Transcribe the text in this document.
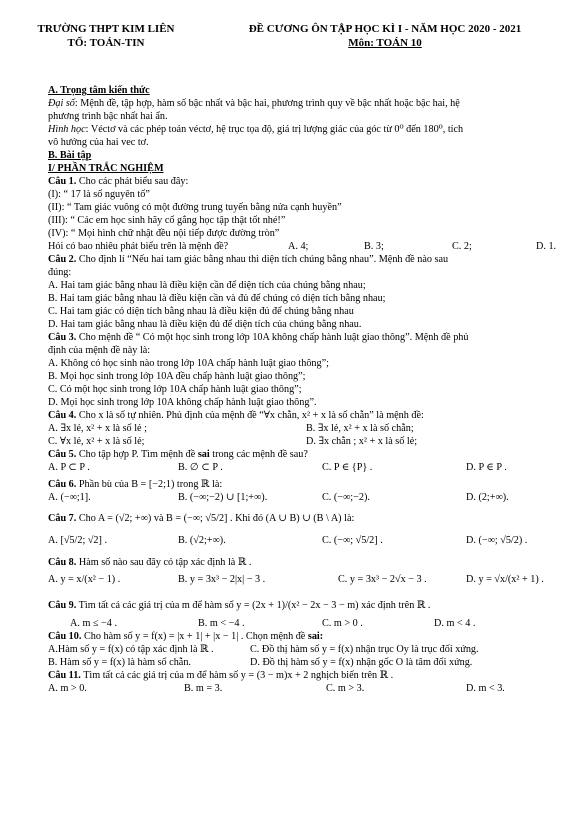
TRƯỜNG THPT KIM LIÊN
TỔ: TOÁN-TIN
ĐỀ CƯƠNG ÔN TẬP HỌC KÌ I - NĂM HỌC 2020 - 2021
Môn: TOÁN 10
A. Trọng tâm kiến thức
Đại số: Mệnh đề, tập hợp, hàm số bậc nhất và bậc hai, phương trình quy về bậc nhất hoặc bậc hai, hệ
phương trình bậc nhất hai ẩn.
Hình học: Véctơ và các phép toán véctơ, hệ trục tọa độ, giá trị lượng giác của góc từ 0⁰ đến 180⁰, tích
vô hướng của hai vec tơ.
B. Bài tập
I/ PHẦN TRẮC NGHIỆM
Câu 1. Cho các phát biểu sau đây:
(I): “ 17 là số nguyên tố”
(II): “ Tam giác vuông có một đường trung tuyến bằng nửa cạnh huyền”
(III): “ Các em học sinh hãy cố gắng học tập thật tốt nhé!”
(IV): “ Mọi hình chữ nhật đều nội tiếp được đường tròn”
Hỏi có bao nhiêu phát biểu trên là mệnh đề?	A. 4;	B. 3;	C. 2;	D. 1.
Câu 2. Cho định lí “Nếu hai tam giác bằng nhau thì diện tích chúng bằng nhau”. Mệnh đề nào sau
đúng:
A. Hai tam giác bằng nhau là điều kiện cần để diện tích của chúng bằng nhau;
B. Hai tam giác bằng nhau là điều kiện cần và đủ để chúng có diện tích bằng nhau;
C. Hai tam giác có diện tích bằng nhau là điều kiện đủ để chúng bằng nhau
D. Hai tam giác bằng nhau là điều kiện đủ để diện tích của chúng bằng nhau.
Câu 3. Cho mệnh đề “ Có một học sinh trong lớp 10A không chấp hành luật giao thông”. Mệnh đề phủ
định của mệnh đề này là:
A. Không có học sinh nào trong lớp 10A chấp hành luật giao thông”;
B. Mọi học sinh trong lớp 10A đều chấp hành luật giao thông”;
C. Có một học sinh trong lớp 10A chấp hành luật giao thông”;
D. Mọi học sinh trong lớp 10A không chấp hành luật giao thông”.
Câu 4. Cho x là số tự nhiên. Phủ định của mệnh đề “∀x chẵn, x² + x là số chẵn” là mệnh đề:
A. ∃x lẻ, x² + x là số lẻ ;	B. ∃x lẻ, x² + x là số chẵn;
C. ∀x lẻ, x² + x là số lẻ;	D. ∃x chẵn ; x² + x là số lẻ;
Câu 5. Cho tập hợp P. Tìm mệnh đề sai trong các mệnh đề sau?
A. P ⊂ P .	B. ∅ ⊂ P .	C. P ∈ {P} .	D. P ∈ P .
Câu 6. Phần bù của B = [−2;1) trong ℝ là:
A. (−∞;1].	B. (−∞;−2) ∪ [1;+∞).	C. (−∞;−2).	D. (2;+∞).
Câu 7. Cho A = (√2; +∞) và B = (−∞; √5/2] . Khi đó (A ∪ B) ∪ (B \ A) là:
A. [√5/2; √2] .	B. (√2;+∞).	C. (−∞; √5/2] .	D. (−∞; √5/2) .
Câu 8. Hàm số nào sau đây có tập xác định là ℝ .
A. y = x/(x² − 1) .	B. y = 3x³ − 2|x| − 3 .	C. y = 3x³ − 2√x − 3 .	D. y = √x/(x² + 1) .
Câu 9. Tìm tất cả các giá trị của m để hàm số y = (2x + 1)/(x² − 2x − 3 − m) xác định trên ℝ .
A. m ≤ −4 .	B. m < −4 .	C. m > 0 .	D. m < 4 .
Câu 10. Cho hàm số y = f(x) = |x + 1| + |x − 1| . Chọn mệnh đề sai:
A.Hàm số y = f(x) có tập xác định là ℝ .	C. Đồ thị hàm số y = f(x) nhận trục Oy là trục đối xứng.
B. Hàm số y = f(x) là hàm số chẵn.	D. Đồ thị hàm số y = f(x) nhận gốc O là tâm đối xứng.
Câu 11. Tìm tất cả các giá trị của m để hàm số y = (3 − m)x + 2 nghịch biến trên ℝ .
A. m > 0.	B. m = 3.	C. m > 3.	D. m < 3.
